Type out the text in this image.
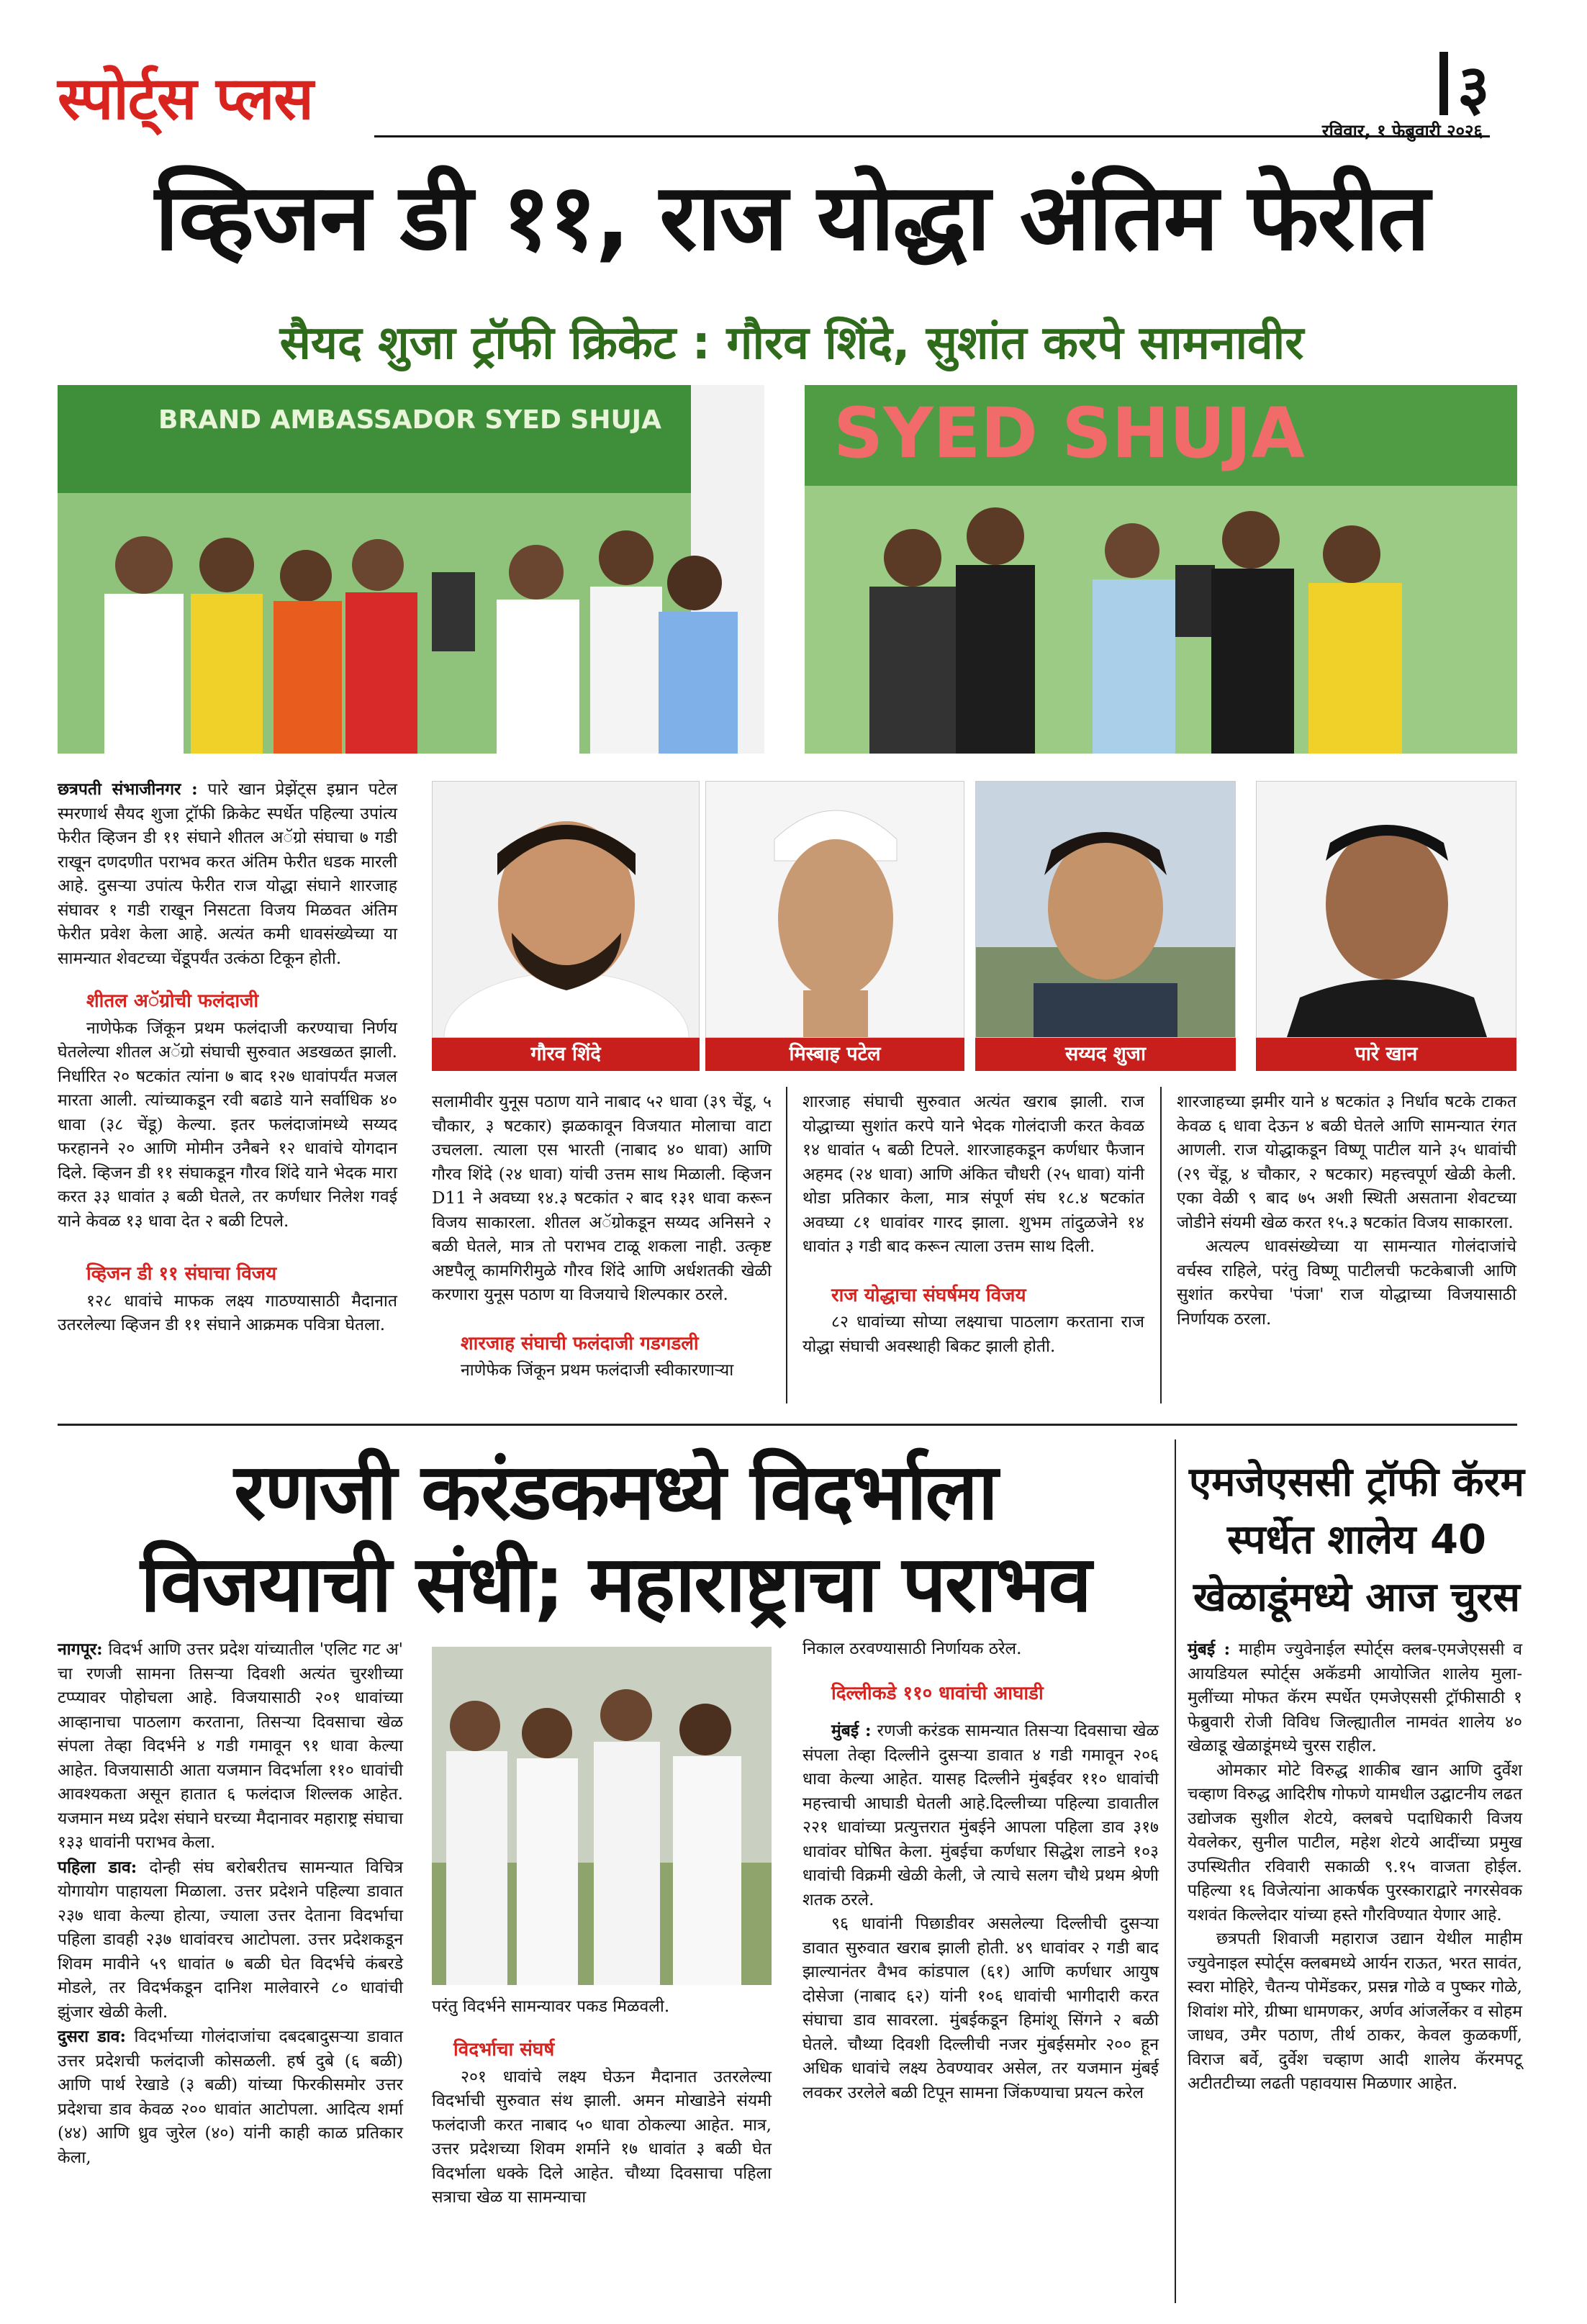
स्पोर्ट्स प्लस	३
रविवार, १ फेब्रुवारी २०२६
व्हिजन डी ११, राज योद्धा अंतिम फेरीत
सैयद शुजा ट्रॉफी क्रिकेट : गौरव शिंदे, सुशांत करपे सामनावीर
BRAND AMBASSADOR SYED SHUJA SYED SHUJA

छत्रपती संभाजीनगर : पारे खान प्रेझेंट्स इम्रान पटेल स्मरणार्थ सैयद शुजा ट्रॉफी क्रिकेट स्पर्धेत पहिल्या उपांत्य फेरीत व्हिजन डी ११ संघाने शीतल अॅग्रो संघाचा ७ गडी राखून दणदणीत पराभव करत अंतिम फेरीत धडक मारली आहे. दुसऱ्या उपांत्य फेरीत राज योद्धा संघाने शारजाह संघावर १ गडी राखून निसटता विजय मिळवत अंतिम फेरीत प्रवेश केला आहे. अत्यंत कमी धावसंख्येच्या या सामन्यात शेवटच्या चेंडूपर्यंत उत्कंठा टिकून होती.

शीतल अॅग्रोची फलंदाजी

नाणेफेक जिंकून प्रथम फलंदाजी करण्याचा निर्णय घेतलेल्या शीतल अॅग्रो संघाची सुरुवात अडखळत झाली. निर्धारित २० षटकांत त्यांना ७ बाद १२७ धावांपर्यंत मजल मारता आली. त्यांच्याकडून रवी बढाडे याने सर्वाधिक ४० धावा (३८ चेंडू) केल्या. इतर फलंदाजांमध्ये सय्यद फरहानने २० आणि मोमीन उनैबने १२ धावांचे योगदान दिले. व्हिजन डी ११ संघाकडून गौरव शिंदे याने भेदक मारा करत ३३ धावांत ३ बळी घेतले, तर कर्णधार निलेश गवई याने केवळ १३ धावा देत २ बळी टिपले.

व्हिजन डी ११ संघाचा विजय

१२८ धावांचे माफक लक्ष्य गाठण्यासाठी मैदानात उतरलेल्या व्हिजन डी ११ संघाने आक्रमक पवित्रा घेतला.

गौरव शिंदे	मिस्बाह पटेल	सय्यद शुजा	पारे खान

सलामीवीर युनूस पठाण याने नाबाद ५२ धावा (३९ चेंडू, ५ चौकार, ३ षटकार) झळकावून विजयात मोलाचा वाटा उचलला. त्याला एस भारती (नाबाद ४० धावा) आणि गौरव शिंदे (२४ धावा) यांची उत्तम साथ मिळाली. व्हिजन D11 ने अवघ्या १४.३ षटकांत २ बाद १३१ धावा करून विजय साकारला. शीतल अॅग्रोकडून सय्यद अनिसने २ बळी घेतले, मात्र तो पराभव टाळू शकला नाही. उत्कृष्ट अष्टपैलू कामगिरीमुळे गौरव शिंदे आणि अर्धशतकी खेळी करणारा युनूस पठाण या विजयाचे शिल्पकार ठरले.

शारजाह संघाची फलंदाजी गडगडली

नाणेफेक जिंकून प्रथम फलंदाजी स्वीकारणाऱ्या

शारजाह संघाची सुरुवात अत्यंत खराब झाली. राज योद्धाच्या सुशांत करपे याने भेदक गोलंदाजी करत केवळ १४ धावांत ५ बळी टिपले. शारजाहकडून कर्णधार फैजान अहमद (२४ धावा) आणि अंकित चौधरी (२५ धावा) यांनी थोडा प्रतिकार केला, मात्र संपूर्ण संघ १८.४ षटकांत अवघ्या ८१ धावांवर गारद झाला. शुभम तांदुळजेने १४ धावांत ३ गडी बाद करून त्याला उत्तम साथ दिली.

राज योद्धाचा संघर्षमय विजय

८२ धावांच्या सोप्या लक्ष्याचा पाठलाग करताना राज योद्धा संघाची अवस्थाही बिकट झाली होती.

शारजाहच्या झमीर याने ४ षटकांत ३ निर्धाव षटके टाकत केवळ ६ धावा देऊन ४ बळी घेतले आणि सामन्यात रंगत आणली. राज योद्धाकडून विष्णू पाटील याने ३५ धावांची (२९ चेंडू, ४ चौकार, २ षटकार) महत्त्वपूर्ण खेळी केली. एका वेळी ९ बाद ७५ अशी स्थिती असताना शेवटच्या जोडीने संयमी खेळ करत १५.३ षटकांत विजय साकारला.

अत्यल्प धावसंख्येच्या या सामन्यात गोलंदाजांचे वर्चस्व राहिले, परंतु विष्णू पाटीलची फटकेबाजी आणि सुशांत करपेचा 'पंजा' राज योद्धाच्या विजयासाठी निर्णायक ठरला.

रणजी करंडकमध्ये विदर्भाला
विजयाची संधी; महाराष्ट्राचा पराभव
एमजेएससी ट्रॉफी कॅरम स्पर्धेत शालेय 40 खेळाडूंमध्ये आज चुरस

नागपूर: विदर्भ आणि उत्तर प्रदेश यांच्यातील 'एलिट गट अ' चा रणजी सामना तिसऱ्या दिवशी अत्यंत चुरशीच्या टप्प्यावर पोहोचला आहे. विजयासाठी २०१ धावांच्या आव्हानाचा पाठलाग करताना, तिसऱ्या दिवसाचा खेळ संपला तेव्हा विदर्भने ४ गडी गमावून ९१ धावा केल्या आहेत. विजयासाठी आता यजमान विदर्भाला ११० धावांची आवश्यकता असून हातात ६ फलंदाज शिल्लक आहेत. यजमान मध्य प्रदेश संघाने घरच्या मैदानावर महाराष्ट्र संघाचा १३३ धावांनी पराभव केला.

पहिला डाव: दोन्ही संघ बरोबरीतच सामन्यात विचित्र योगायोग पाहायला मिळाला. उत्तर प्रदेशने पहिल्या डावात २३७ धावा केल्या होत्या, ज्याला उत्तर देताना विदर्भाचा पहिला डावही २३७ धावांवरच आटोपला. उत्तर प्रदेशकडून शिवम मावीने ५९ धावांत ७ बळी घेत विदर्भचे कंबरडे मोडले, तर विदर्भकडून दानिश मालेवारने ८० धावांची झुंजार खेळी केली.

दुसरा डाव: विदर्भाच्या गोलंदाजांचा दबदबादुसऱ्या डावात उत्तर प्रदेशची फलंदाजी कोसळली. हर्ष दुबे (६ बळी) आणि पार्थ रेखाडे (३ बळी) यांच्या फिरकीसमोर उत्तर प्रदेशचा डाव केवळ २०० धावांत आटोपला. आदित्य शर्मा (४४) आणि ध्रुव जुरेल (४०) यांनी काही काळ प्रतिकार केला,

परंतु विदर्भने सामन्यावर पकड मिळवली.
विदर्भाचा संघर्ष

२०१ धावांचे लक्ष्य घेऊन मैदानात उतरलेल्या विदर्भाची सुरुवात संथ झाली. अमन मोखाडेने संयमी फलंदाजी करत नाबाद ५० धावा ठोकल्या आहेत. मात्र, उत्तर प्रदेशच्या शिवम शर्माने १७ धावांत ३ बळी घेत विदर्भाला धक्के दिले आहेत. चौथ्या दिवसाचा पहिला सत्राचा खेळ या सामन्याचा

निकाल ठरवण्यासाठी निर्णायक ठरेल.

दिल्लीकडे ११० धावांची आघाडी

मुंबई : रणजी करंडक सामन्यात तिसऱ्या दिवसाचा खेळ संपला तेव्हा दिल्लीने दुसऱ्या डावात ४ गडी गमावून २०६ धावा केल्या आहेत. यासह दिल्लीने मुंबईवर ११० धावांची महत्त्वाची आघाडी घेतली आहे.दिल्लीच्या पहिल्या डावातील २२१ धावांच्या प्रत्युत्तरात मुंबईने आपला पहिला डाव ३१७ धावांवर घोषित केला. मुंबईचा कर्णधार सिद्धेश लाडने १०३ धावांची विक्रमी खेळी केली, जे त्याचे सलग चौथे प्रथम श्रेणी शतक ठरले.

९६ धावांनी पिछाडीवर असलेल्या दिल्लीची दुसऱ्या डावात सुरुवात खराब झाली होती. ४९ धावांवर २ गडी बाद झाल्यानंतर वैभव कांडपाल (६१) आणि कर्णधार आयुष दोसेजा (नाबाद ६२) यांनी १०६ धावांची भागीदारी करत संघाचा डाव सावरला. मुंबईकडून हिमांशू सिंगने २ बळी घेतले. चौथ्या दिवशी दिल्लीची नजर मुंबईसमोर २०० हून अधिक धावांचे लक्ष्य ठेवण्यावर असेल, तर यजमान मुंबई लवकर उरलेले बळी टिपून सामना जिंकण्याचा प्रयत्न करेल

मुंबई : माहीम ज्युवेनाईल स्पोर्ट्स क्लब-एमजेएससी व आयडियल स्पोर्ट्स अकॅडमी आयोजित शालेय मुला-मुलींच्या मोफत कॅरम स्पर्धेत एमजेएससी ट्रॉफीसाठी १ फेब्रुवारी रोजी विविध जिल्ह्यातील नामवंत शालेय ४० खेळाडू खेळाडूंमध्ये चुरस राहील.

ओमकार मोटे विरुद्ध शाकीब खान आणि दुर्वेश चव्हाण विरुद्ध आदिरीष गोफणे यामधील उद्घाटनीय लढत उद्योजक सुशील शेटये, क्लबचे पदाधिकारी विजय येवलेकर, सुनील पाटील, महेश शेटये आदींच्या प्रमुख उपस्थितीत रविवारी सकाळी ९.१५ वाजता होईल. पहिल्या १६ विजेत्यांना आकर्षक पुरस्काराद्वारे नगरसेवक यशवंत किल्लेदार यांच्या हस्ते गौरविण्यात येणार आहे.

छत्रपती शिवाजी महाराज उद्यान येथील माहीम ज्युवेनाइल स्पोर्ट्स क्लबमध्ये आर्यन राऊत, भरत सावंत, स्वरा मोहिरे, चैतन्य पोमेंडकर, प्रसन्न गोळे व पुष्कर गोळे, शिवांश मोरे, ग्रीष्मा धामणकर, अर्णव आंजर्लेकर व सोहम जाधव, उमैर पठाण, तीर्थ ठाकर, केवल कुळकर्णी, विराज बर्वे, दुर्वेश चव्हाण आदी शालेय कॅरमपटू अटीतटीच्या लढती पहावयास मिळणार आहेत.
